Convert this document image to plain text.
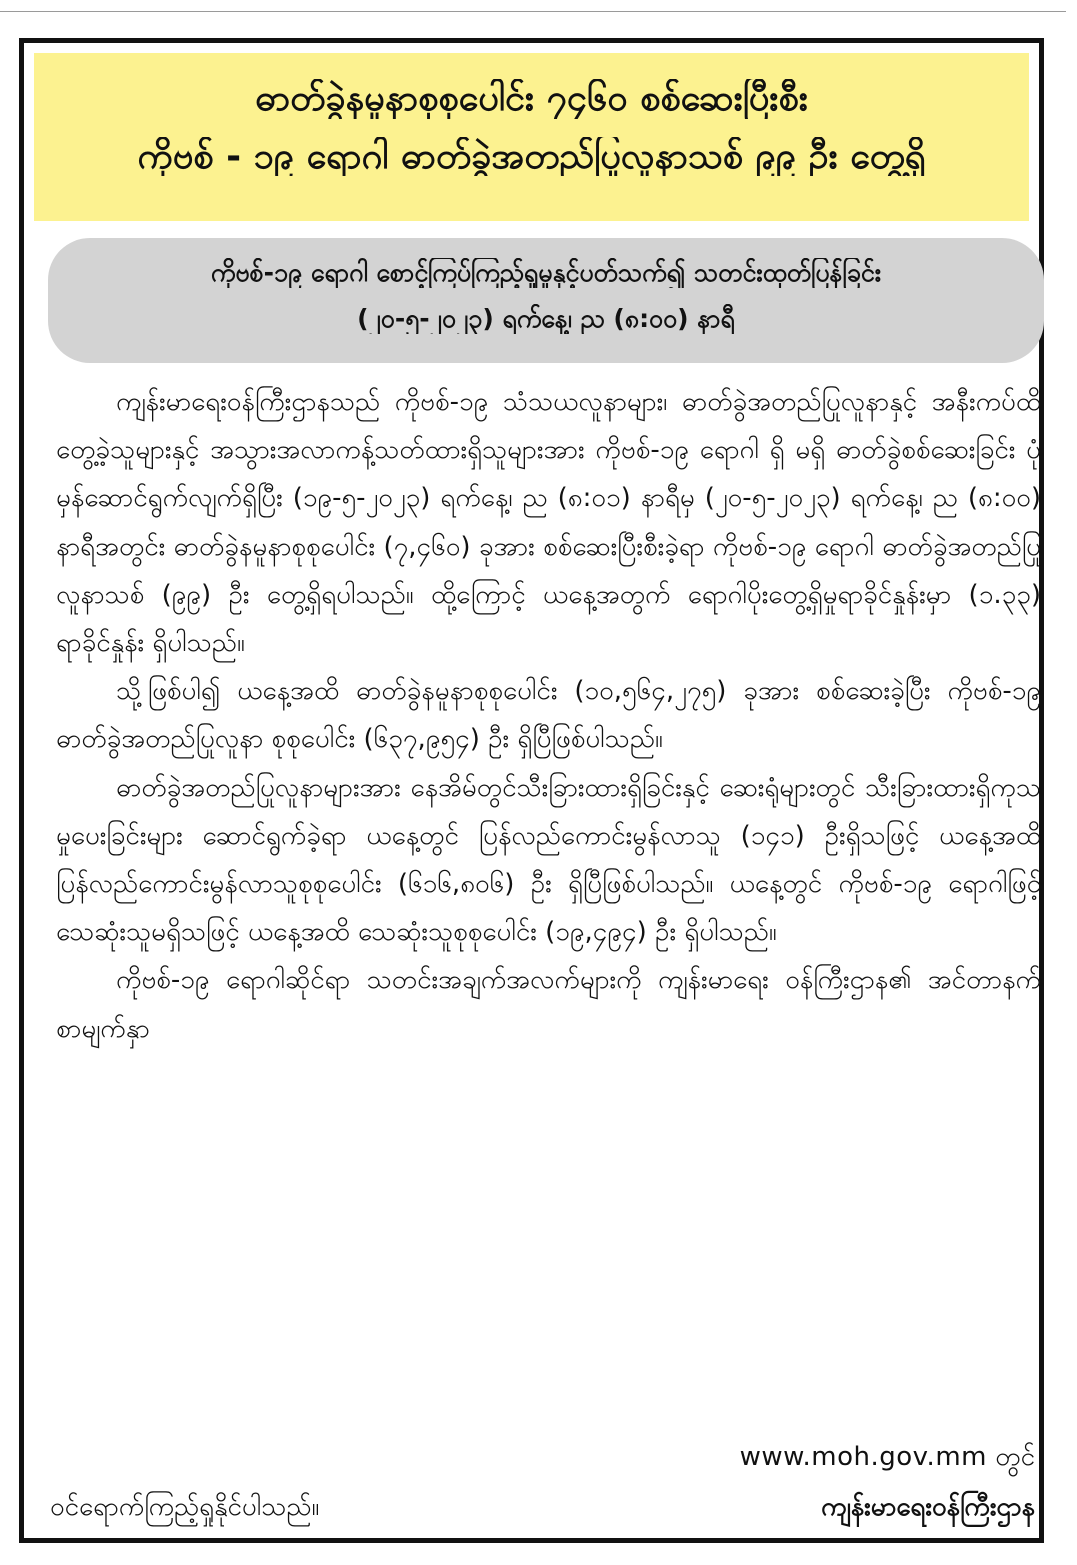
ဓာတ်ခွဲနမူနာစုစုပေါင်း ၇၄၆၀ စစ်ဆေးပြီးစီး
ကိုဗစ် - ၁၉ ရောဂါ ဓာတ်ခွဲအတည်ပြုလူနာသစ် ၉၉ ဦး တွေ့ရှိ
ကိုဗစ်-၁၉ ရောဂါ စောင့်ကြပ်ကြည့်ရှုမှုနှင့်ပတ်သက်၍ သတင်းထုတ်ပြန်ခြင်း
(၂၀-၅-၂၀၂၃) ရက်နေ့၊ ည (၈:၀၀) နာရီ

ကျန်းမာရေးဝန်ကြီးဌာနသည် ကိုဗစ်-၁၉ သံသယလူနာများ၊ ဓာတ်ခွဲအတည်ပြုလူနာနှင့် အနီးကပ်ထိတွေ့ခဲ့သူများနှင့် အသွားအလာကန့်သတ်ထားရှိသူများအား ကိုဗစ်-၁၉ ရောဂါ ရှိ မရှိ ဓာတ်ခွဲစစ်ဆေးခြင်း ပုံမှန်ဆောင်ရွက်လျက်ရှိပြီး (၁၉-၅-၂၀၂၃) ရက်နေ့၊ ည (၈:၀၁) နာရီမှ (၂၀-၅-၂၀၂၃) ရက်နေ့၊ ည (၈:၀၀) နာရီအတွင်း ဓာတ်ခွဲနမူနာစုစုပေါင်း (၇,၄၆၀) ခုအား စစ်ဆေးပြီးစီးခဲ့ရာ ကိုဗစ်-၁၉ ရောဂါ ဓာတ်ခွဲအတည်ပြုလူနာသစ် (၉၉) ဦး တွေ့ရှိရပါသည်။ ထို့ကြောင့် ယနေ့အတွက် ရောဂါပိုးတွေ့ရှိမှုရာခိုင်နှုန်းမှာ (၁.၃၃) ရာခိုင်နှုန်း ရှိပါသည်။

သို့ဖြစ်ပါ၍ ယနေ့အထိ ဓာတ်ခွဲနမူနာစုစုပေါင်း (၁၀,၅၆၄,၂၇၅) ခုအား စစ်ဆေးခဲ့ပြီး ကိုဗစ်-၁၉ ဓာတ်ခွဲအတည်ပြုလူနာ စုစုပေါင်း (၆၃၇,၉၅၄) ဦး ရှိပြီဖြစ်ပါသည်။

ဓာတ်ခွဲအတည်ပြုလူနာများအား နေအိမ်တွင်သီးခြားထားရှိခြင်းနှင့် ဆေးရုံများတွင် သီးခြားထားရှိကုသမှုပေးခြင်းများ ဆောင်ရွက်ခဲ့ရာ ယနေ့တွင် ပြန်လည်ကောင်းမွန်လာသူ (၁၄၁) ဦးရှိသဖြင့် ယနေ့အထိ ပြန်လည်ကောင်းမွန်လာသူစုစုပေါင်း (၆၁၆,၈၀၆) ဦး ရှိပြီဖြစ်ပါသည်။ ယနေ့တွင် ကိုဗစ်-၁၉ ရောဂါဖြင့် သေဆုံးသူမရှိသဖြင့် ယနေ့အထိ သေဆုံးသူစုစုပေါင်း (၁၉,၄၉၄) ဦး ရှိပါသည်။

ကိုဗစ်-၁၉ ရောဂါဆိုင်ရာ သတင်းအချက်အလက်များကို ကျန်းမာရေး ဝန်ကြီးဌာန၏ အင်တာနက်စာမျက်နှာ

www.moh.gov.mm တွင်
ဝင်ရောက်ကြည့်ရှုနိုင်ပါသည်။	ကျန်းမာရေးဝန်ကြီးဌာန
